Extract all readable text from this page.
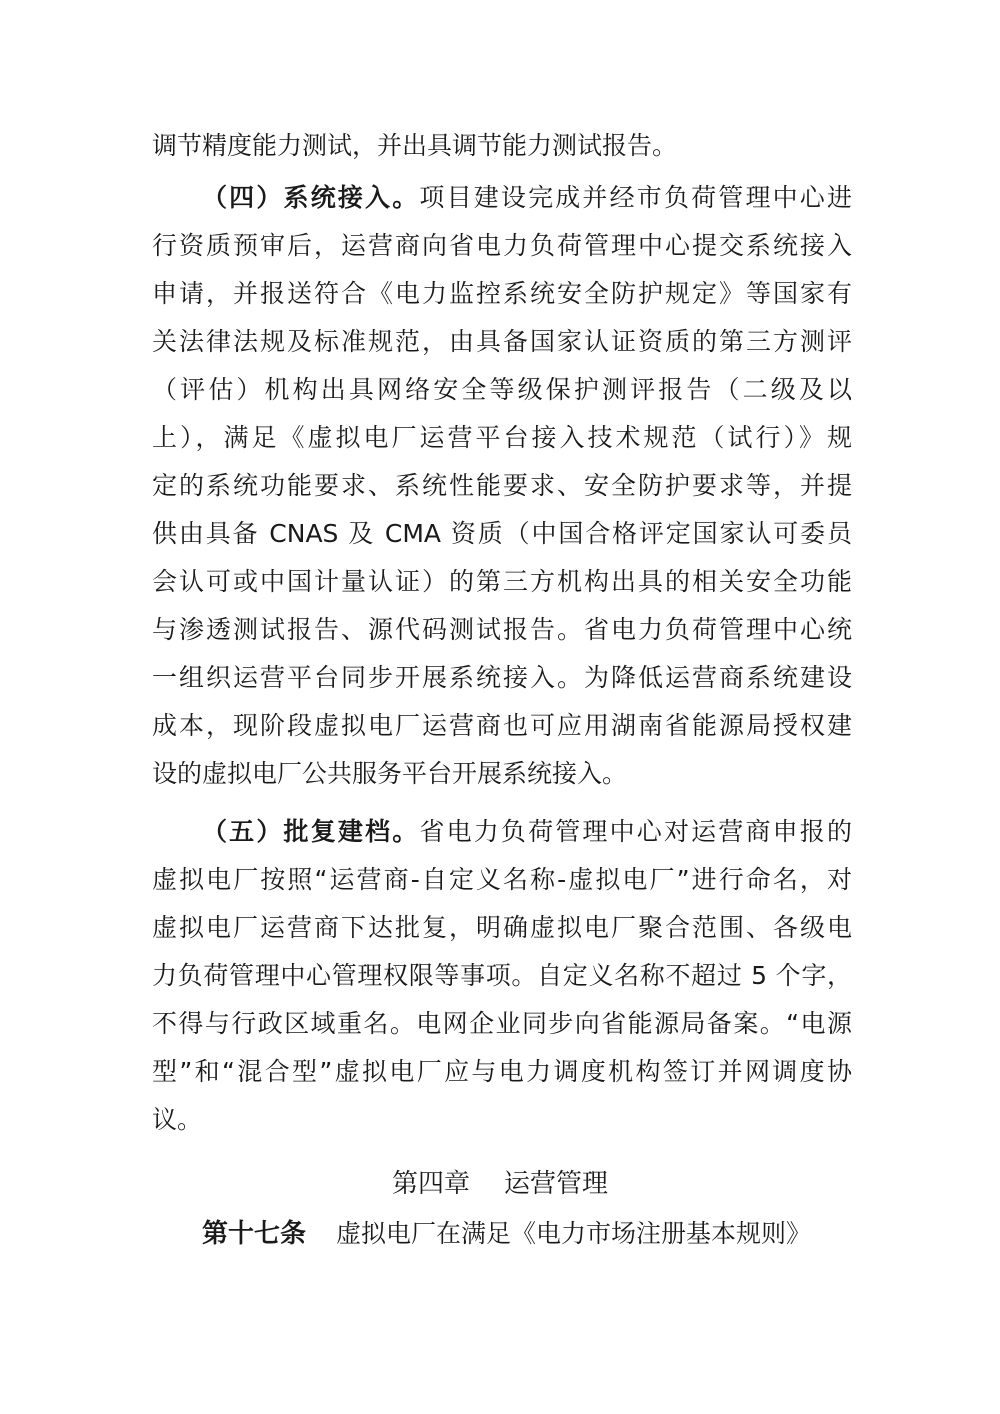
调节精度能力测试，并出具调节能力测试报告。
（四）系统接入。项目建设完成并经市负荷管理中心进
行资质预审后，运营商向省电力负荷管理中心提交系统接入
申请，并报送符合《电力监控系统安全防护规定》等国家有
关法律法规及标准规范，由具备国家认证资质的第三方测评
（评估）机构出具网络安全等级保护测评报告（二级及以
上），满足《虚拟电厂运营平台接入技术规范（试行）》规
定的系统功能要求、系统性能要求、安全防护要求等，并提
供由具备 CNAS 及 CMA 资质（中国合格评定国家认可委员
会认可或中国计量认证）的第三方机构出具的相关安全功能
与渗透测试报告、源代码测试报告。省电力负荷管理中心统
一组织运营平台同步开展系统接入。为降低运营商系统建设
成本，现阶段虚拟电厂运营商也可应用湖南省能源局授权建
设的虚拟电厂公共服务平台开展系统接入。
（五）批复建档。省电力负荷管理中心对运营商申报的
虚拟电厂按照“运营商-自定义名称-虚拟电厂”进行命名，对
虚拟电厂运营商下达批复，明确虚拟电厂聚合范围、各级电
力负荷管理中心管理权限等事项。自定义名称不超过 5 个字，
不得与行政区域重名。电网企业同步向省能源局备案。“电源
型”和“混合型”虚拟电厂应与电力调度机构签订并网调度协
议。
第四章 运营管理
第十七条 虚拟电厂在满足《电力市场注册基本规则》
